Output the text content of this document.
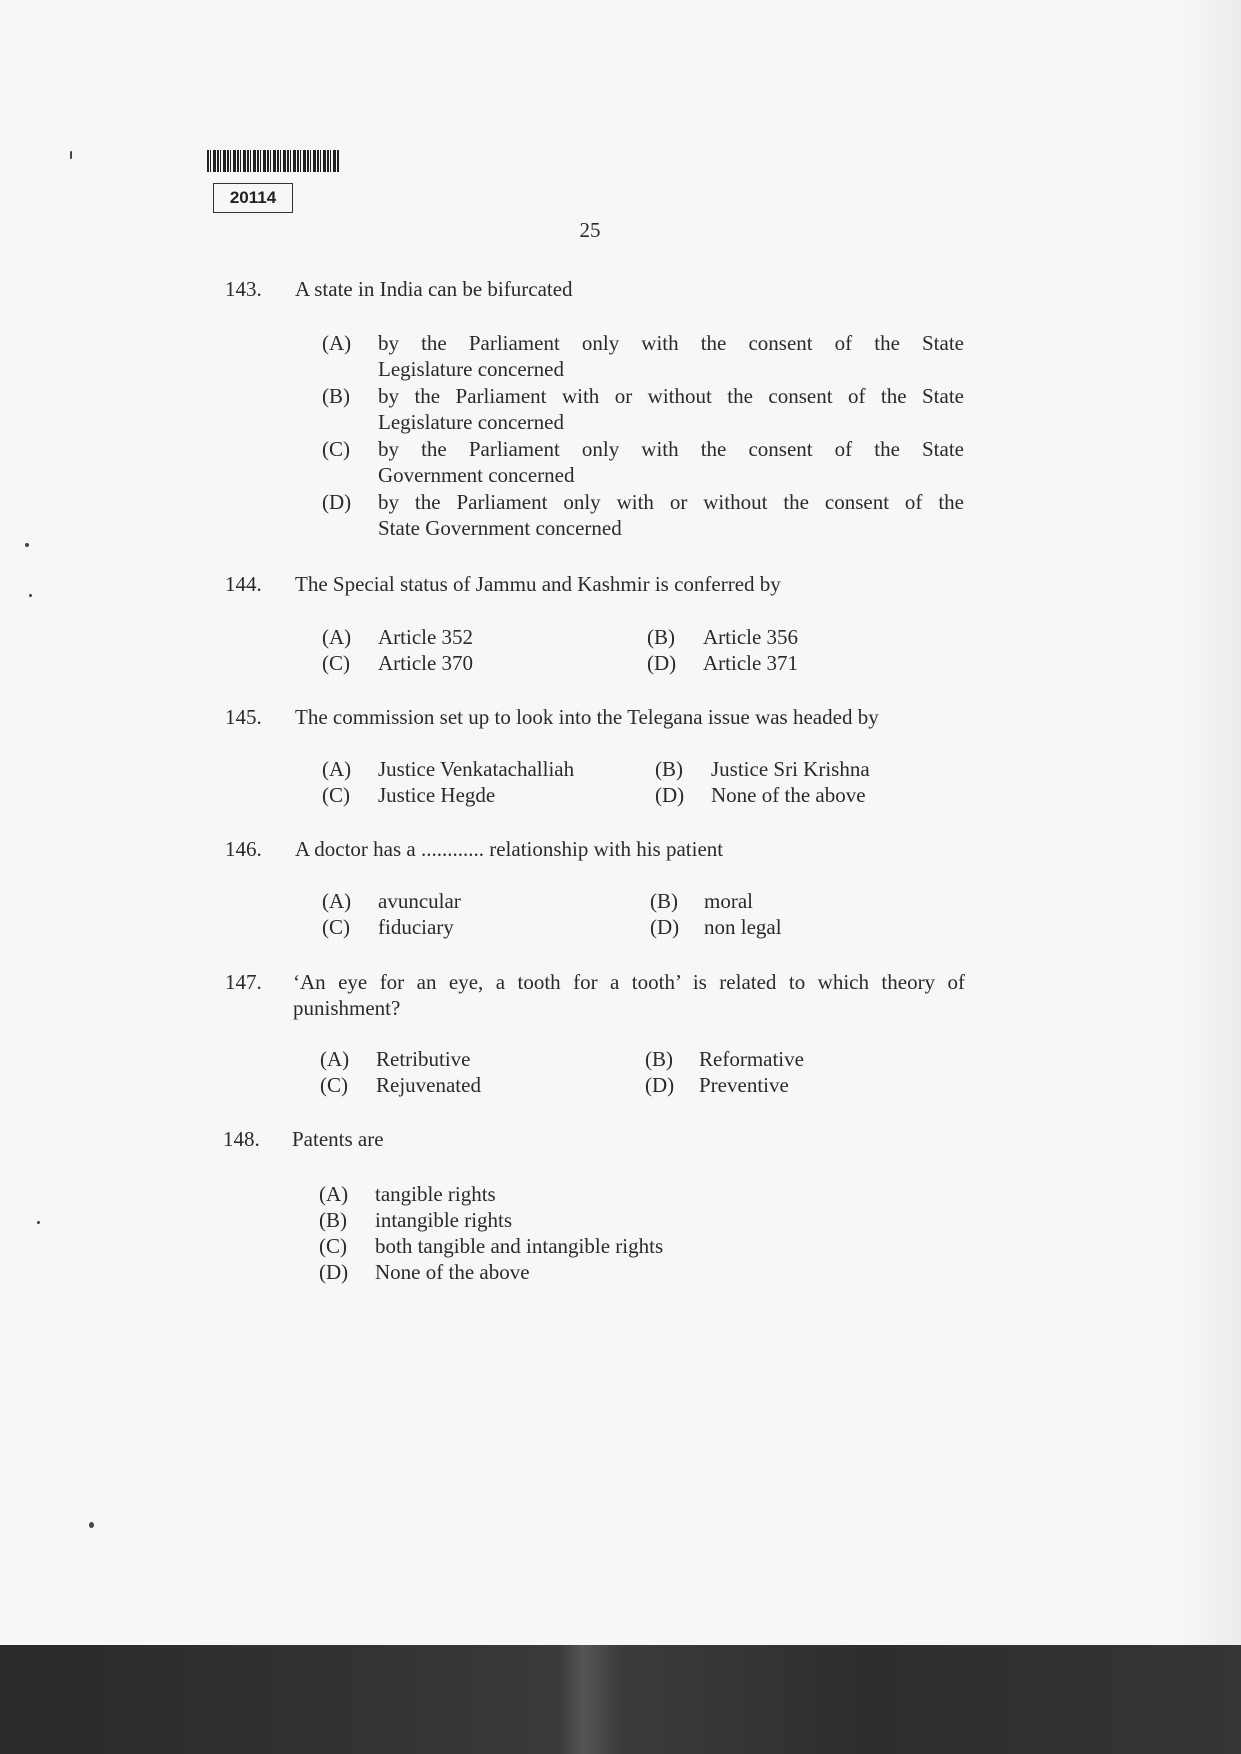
20114
25
143. A state in India can be bifurcated
(A) by the Parliament only with the consent of the State
Legislature concerned
(B) by the Parliament with or without the consent of the State
Legislature concerned
(C) by the Parliament only with the consent of the State
Government concerned
(D) by the Parliament only with or without the consent of the
State Government concerned
144. The Special status of Jammu and Kashmir is conferred by
(A) Article 352	(B) Article 356
(C) Article 370	(D) Article 371
145. The commission set up to look into the Telegana issue was headed by
(A) Justice Venkatachalliah	(B) Justice Sri Krishna
(C) Justice Hegde	(D) None of the above
146. A doctor has a ............ relationship with his patient
(A) avuncular	(B) moral
(C) fiduciary	(D) non legal
147. ‘An eye for an eye, a tooth for a tooth’ is related to which theory of
punishment?
(A) Retributive	(B) Reformative
(C) Rejuvenated	(D) Preventive
148. Patents are
(A) tangible rights
(B) intangible rights
(C) both tangible and intangible rights
(D) None of the above
